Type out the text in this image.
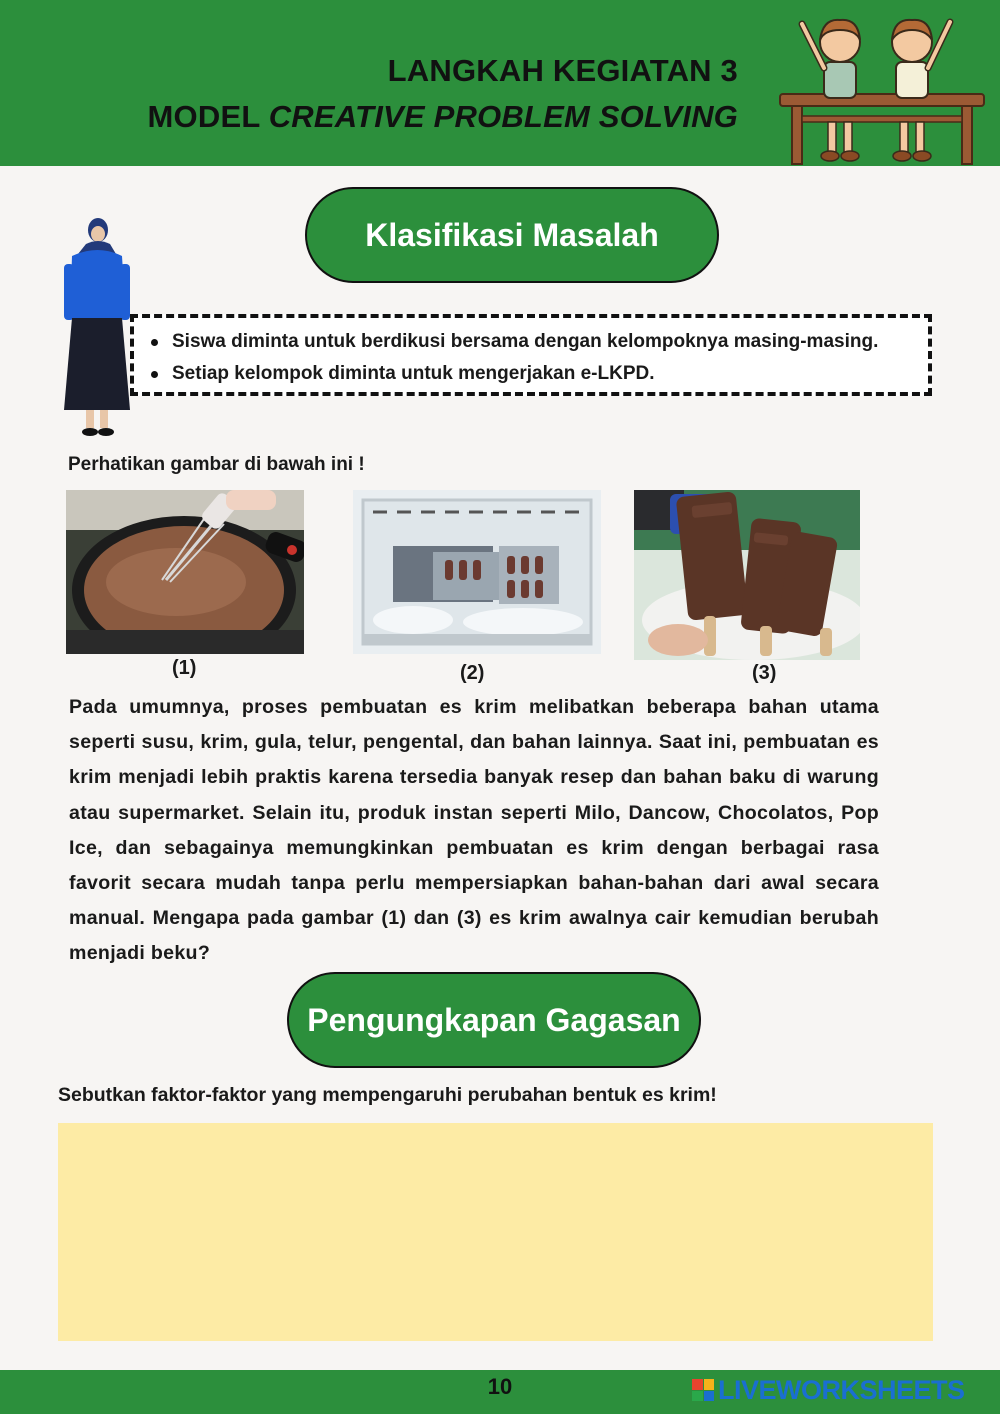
LANGKAH KEGIATAN 3
MODEL CREATIVE PROBLEM SOLVING
Klasifikasi Masalah
Siswa diminta untuk berdikusi bersama dengan kelompoknya masing-masing.
Setiap kelompok diminta untuk mengerjakan e-LKPD.
Perhatikan gambar di bawah ini !
(1)	(2)	(3)
Pada umumnya, proses pembuatan es krim melibatkan beberapa bahan utama seperti susu, krim, gula, telur, pengental, dan bahan lainnya. Saat ini, pembuatan es krim menjadi lebih praktis karena tersedia banyak resep dan bahan baku di warung atau supermarket. Selain itu, produk instan seperti Milo, Dancow, Chocolatos, Pop Ice, dan sebagainya memungkinkan pembuatan es krim dengan berbagai rasa favorit secara mudah tanpa perlu mempersiapkan bahan-bahan dari awal secara manual. Mengapa pada gambar (1) dan (3) es krim awalnya cair kemudian berubah menjadi beku?
Pengungkapan Gagasan
Sebutkan faktor-faktor yang mempengaruhi perubahan bentuk es krim!
10	LIVEWORKSHEETS
